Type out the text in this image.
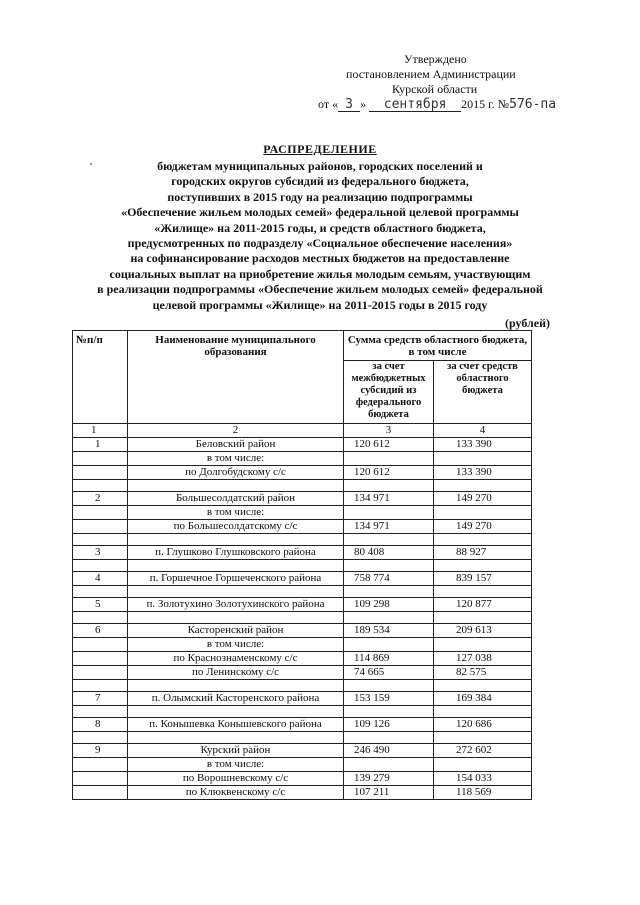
Утверждено
постановлением Администрации
Курской области
от « 3 » сентября 2015 г. №576-па
РАСПРЕДЕЛЕНИЕ
бюджетам муниципальных районов, городских поселений и
городских округов субсидий из федерального бюджета,
поступивших в 2015 году на реализацию подпрограммы
«Обеспечение жильем молодых семей» федеральной целевой программы
«Жилище» на 2011-2015 годы, и средств областного бюджета,
предусмотренных по подразделу «Социальное обеспечение населения»
на софинансирование расходов местных бюджетов на предоставление
социальных выплат на приобретение жилья молодым семьям, участвующим
в реализации подпрограммы «Обеспечение жильем молодых семей» федеральной
целевой программы «Жилище» на 2011-2015 годы в 2015 году
(рублей)
№п/п	Наименование муниципального образования	Сумма средств областного бюджета, в том числе	
		за счет межбюджетных субсидий из федерального бюджета	за счет средств областного бюджета
1	2	3	4
1	Беловский район	120 612	133 390
	в том числе:		
	по Долгобудскому с/с	120 612	133 390

2	Большесолдатский район	134 971	149 270
	в том числе:		
	по Большесолдатскому с/с	134 971	149 270

3	п. Глушково Глушковского района	80 408	88 927

4	п. Горшечное Горшеченского района	758 774	839 157

5	п. Золотухино Золотухинского района	109 298	120 877

6	Касторенский район	189 534	209 613
	в том числе:		
	по Краснознаменскому с/с	114 869	127 038
	по Ленинскому с/с	74 665	82 575

7	п. Олымский Касторенского района	153 159	169 384

8	п. Конышевка Конышевского района	109 126	120 686

9	Курский район	246 490	272 602
	в том числе:		
	по Ворошневскому с/с	139 279	154 033
	по Клюквенскому с/с	107 211	118 569
